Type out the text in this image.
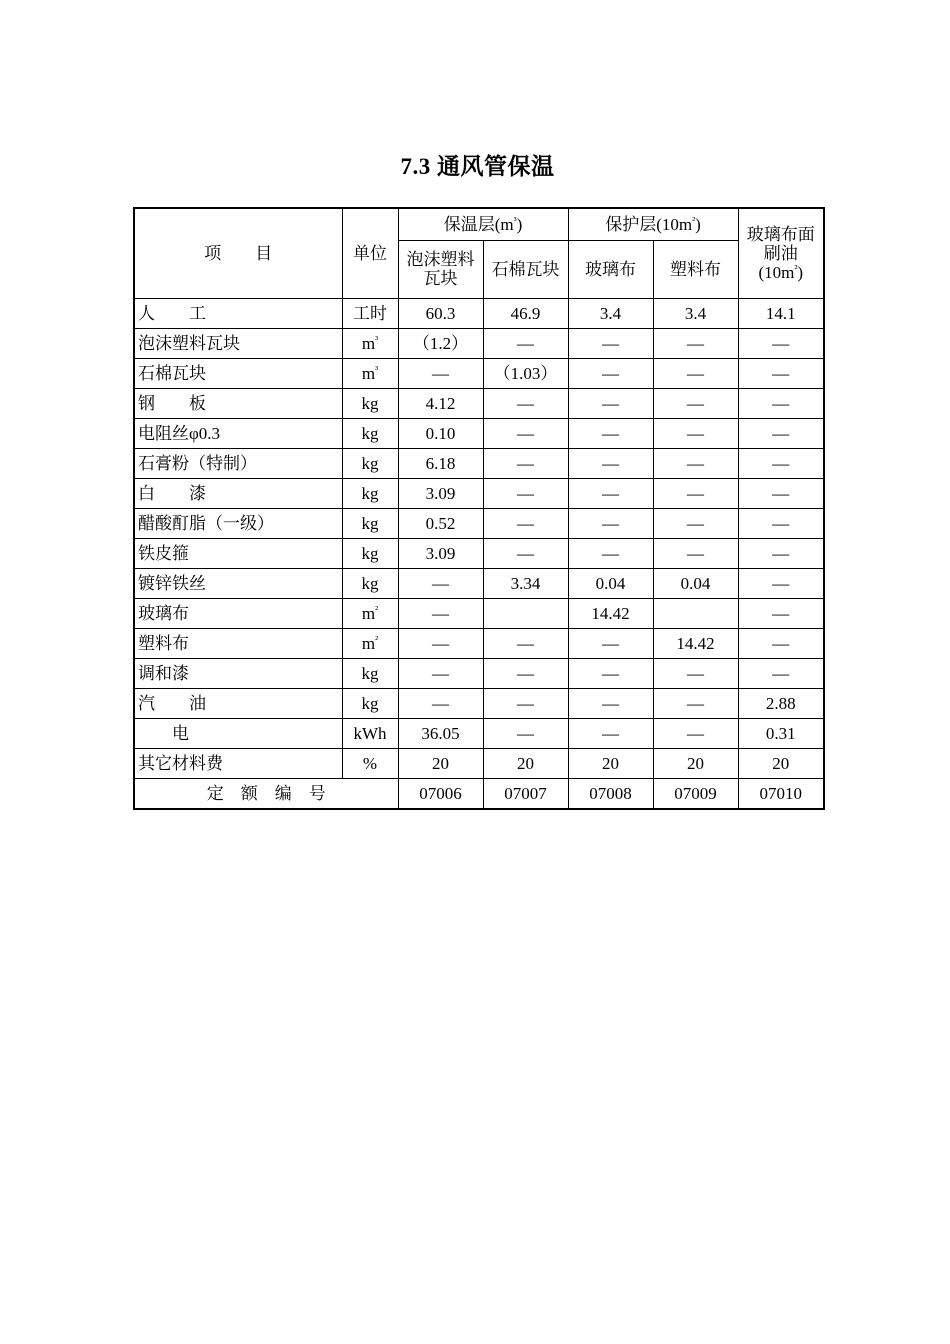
7.3 通风管保温
项        目	单位	保温层$(m^{^3})$		保护层$(10m^{^2})$		玻璃布面
刷油
$(10m^{^2})$
		泡沫塑料
瓦块	石棉瓦块	玻璃布	塑料布	
人        工	工时	60.3	46.9	3.4	3.4	14.1
泡沫塑料瓦块	$m^{^3}$	（1.2）	—	—	—	—
石棉瓦块	$m^{^3}$	—	（1.03）	—	—	—
钢        板	kg	4.12	—	—	—	—
电阻丝φ0.3	kg	0.10	—	—	—	—
石膏粉（特制）	kg	6.18	—	—	—	—
白        漆	kg	3.09	—	—	—	—
醋酸酊脂（一级）	kg	0.52	—	—	—	—
铁皮箍	kg	3.09	—	—	—	—
镀锌铁丝	kg	—	3.34	0.04	0.04	—
玻璃布	$m^{^2}$	—		14.42		—
塑料布	$m^{^2}$	—	—	—	14.42	—
调和漆	kg	—	—	—	—	—
汽        油	kg	—	—	—	—	2.88
电	kWh	36.05	—	—	—	0.31
其它材料费	%	20	20	20	20	20
定    额    编    号		07006	07007	07008	07009	07010
